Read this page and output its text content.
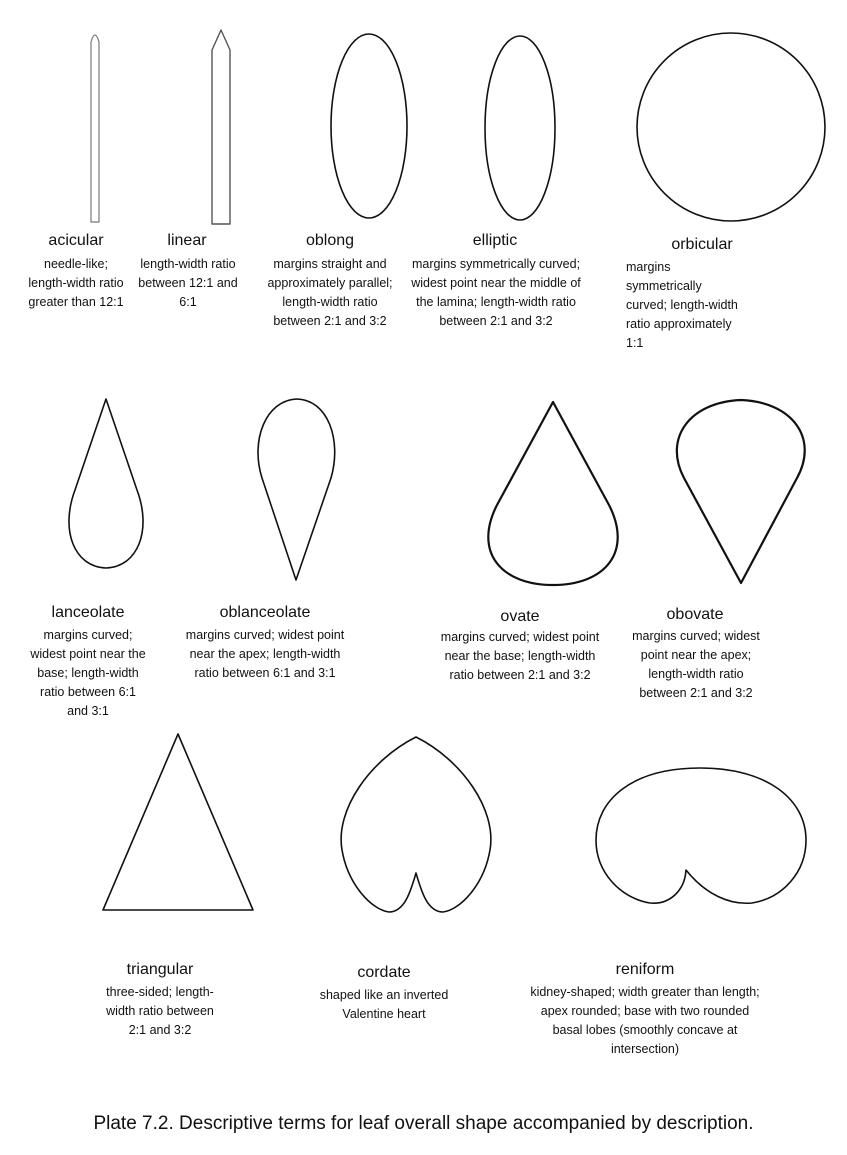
acicular
needle-like; length-width ratio greater than 12:1
linear
length-width ratio between 12:1 and 6:1
oblong
margins straight and approximately parallel; length-width ratio between 2:1 and 3:2
elliptic
margins symmetrically curved; widest point near the middle of the lamina; length-width ratio between 2:1 and 3:2
orbicular
margins symmetrically curved; length-width ratio approximately 1:1
lanceolate
margins curved; widest point near the base; length-width ratio between 6:1 and 3:1
oblanceolate
margins curved; widest point near the apex; length-width ratio between 6:1 and 3:1
ovate
margins curved; widest point near the base; length-width ratio between 2:1 and 3:2
obovate
margins curved; widest point near the apex; length-width ratio between 2:1 and 3:2
triangular
three-sided; length- width ratio between 2:1 and 3:2
cordate
shaped like an inverted Valentine heart
reniform
kidney-shaped; width greater than length; apex rounded; base with two rounded basal lobes (smoothly concave at intersection)
Plate 7.2. Descriptive terms for leaf overall shape accompanied by description.
